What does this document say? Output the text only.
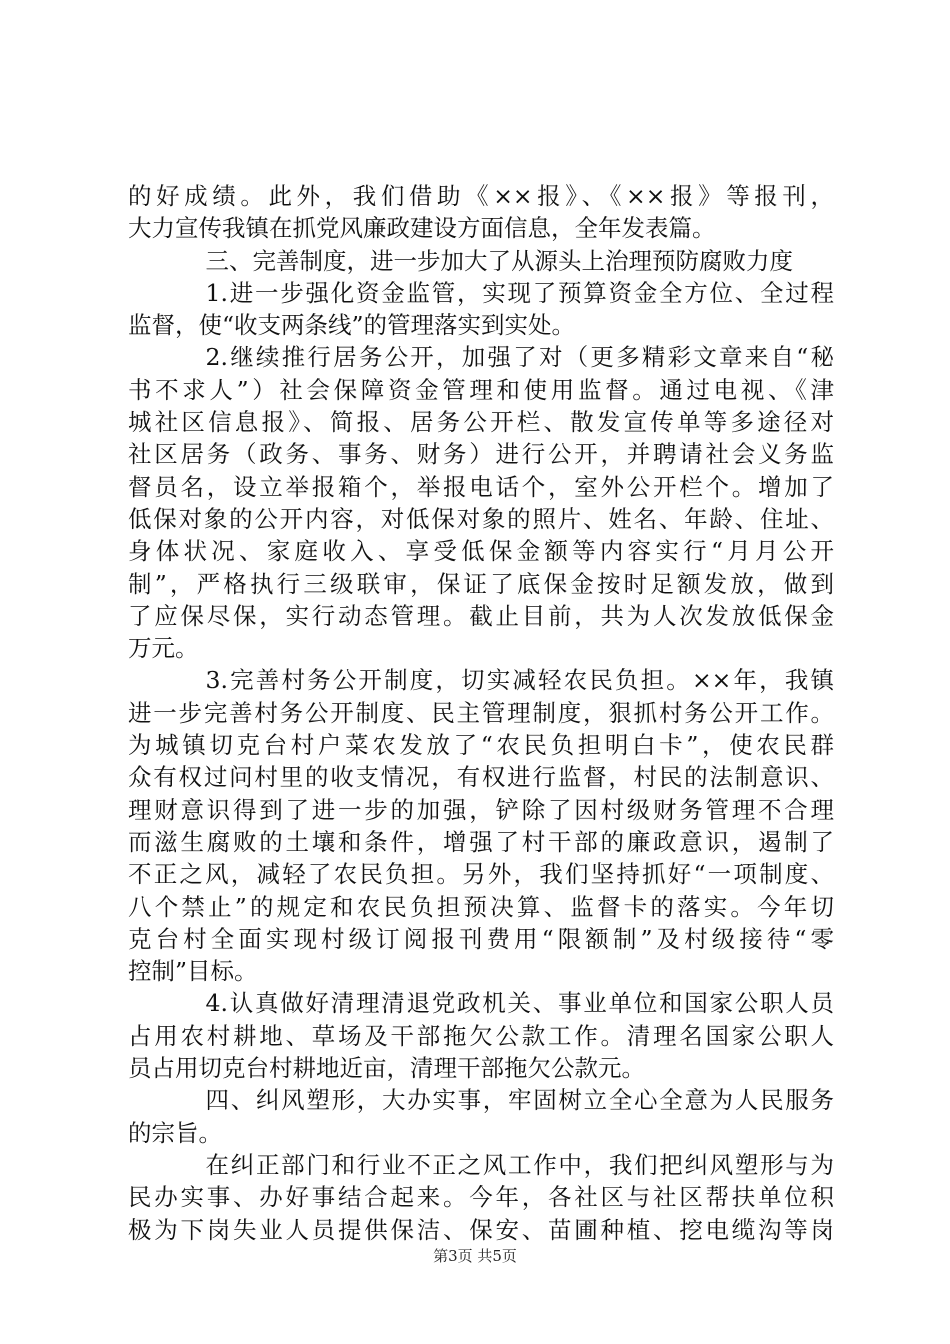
的好成绩。此外，我们借助《××报》、《××报》等报刊，
大力宣传我镇在抓党风廉政建设方面信息，全年发表篇。
三、完善制度，进一步加大了从源头上治理预防腐败力度
1.进一步强化资金监管，实现了预算资金全方位、全过程
监督，使“收支两条线”的管理落实到实处。
2.继续推行居务公开，加强了对（更多精彩文章来自“秘
书不求人”）社会保障资金管理和使用监督。通过电视、《津
城社区信息报》、简报、居务公开栏、散发宣传单等多途径对
社区居务（政务、事务、财务）进行公开，并聘请社会义务监
督员名，设立举报箱个，举报电话个，室外公开栏个。增加了
低保对象的公开内容，对低保对象的照片、姓名、年龄、住址、
身体状况、家庭收入、享受低保金额等内容实行“月月公开
制”，严格执行三级联审，保证了底保金按时足额发放，做到
了应保尽保，实行动态管理。截止目前，共为人次发放低保金
万元。
3.完善村务公开制度，切实减轻农民负担。××年，我镇
进一步完善村务公开制度、民主管理制度，狠抓村务公开工作。
为城镇切克台村户菜农发放了“农民负担明白卡”，使农民群
众有权过问村里的收支情况，有权进行监督，村民的法制意识、
理财意识得到了进一步的加强，铲除了因村级财务管理不合理
而滋生腐败的土壤和条件，增强了村干部的廉政意识，遏制了
不正之风，减轻了农民负担。另外，我们坚持抓好“一项制度、
八个禁止”的规定和农民负担预决算、监督卡的落实。今年切
克台村全面实现村级订阅报刊费用“限额制”及村级接待“零
控制”目标。
4.认真做好清理清退党政机关、事业单位和国家公职人员
占用农村耕地、草场及干部拖欠公款工作。清理名国家公职人
员占用切克台村耕地近亩，清理干部拖欠公款元。
四、纠风塑形，大办实事，牢固树立全心全意为人民服务
的宗旨。
在纠正部门和行业不正之风工作中，我们把纠风塑形与为
民办实事、办好事结合起来。今年，各社区与社区帮扶单位积
极为下岗失业人员提供保洁、保安、苗圃种植、挖电缆沟等岗
第3页 共5页
